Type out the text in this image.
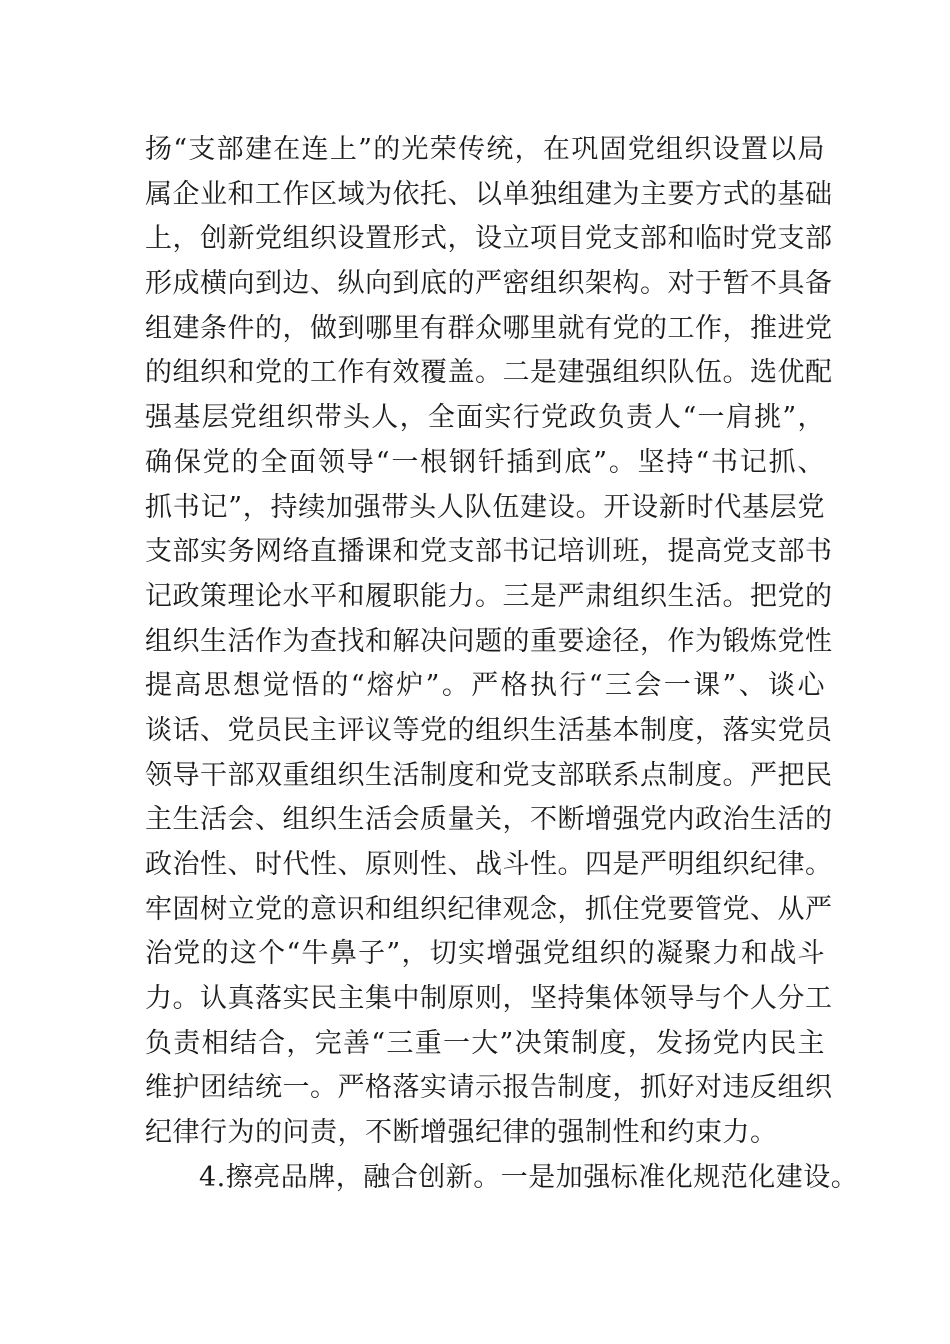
扬“支部建在连上”的光荣传统，在巩固党组织设置以局
属企业和工作区域为依托、以单独组建为主要方式的基础
上，创新党组织设置形式，设立项目党支部和临时党支部
形成横向到边、纵向到底的严密组织架构。对于暂不具备
组建条件的，做到哪里有群众哪里就有党的工作，推进党
的组织和党的工作有效覆盖。二是建强组织队伍。选优配
强基层党组织带头人，全面实行党政负责人“一肩挑”，
确保党的全面领导“一根钢钎插到底”。坚持“书记抓、
抓书记”，持续加强带头人队伍建设。开设新时代基层党
支部实务网络直播课和党支部书记培训班，提高党支部书
记政策理论水平和履职能力。三是严肃组织生活。把党的
组织生活作为查找和解决问题的重要途径，作为锻炼党性
提高思想觉悟的“熔炉”。严格执行“三会一课”、谈心
谈话、党员民主评议等党的组织生活基本制度，落实党员
领导干部双重组织生活制度和党支部联系点制度。严把民
主生活会、组织生活会质量关，不断增强党内政治生活的
政治性、时代性、原则性、战斗性。四是严明组织纪律。
牢固树立党的意识和组织纪律观念，抓住党要管党、从严
治党的这个“牛鼻子”，切实增强党组织的凝聚力和战斗
力。认真落实民主集中制原则，坚持集体领导与个人分工
负责相结合，完善“三重一大”决策制度，发扬党内民主
维护团结统一。严格落实请示报告制度，抓好对违反组织
纪律行为的问责，不断增强纪律的强制性和约束力。
4.擦亮品牌，融合创新。一是加强标准化规范化建设。
